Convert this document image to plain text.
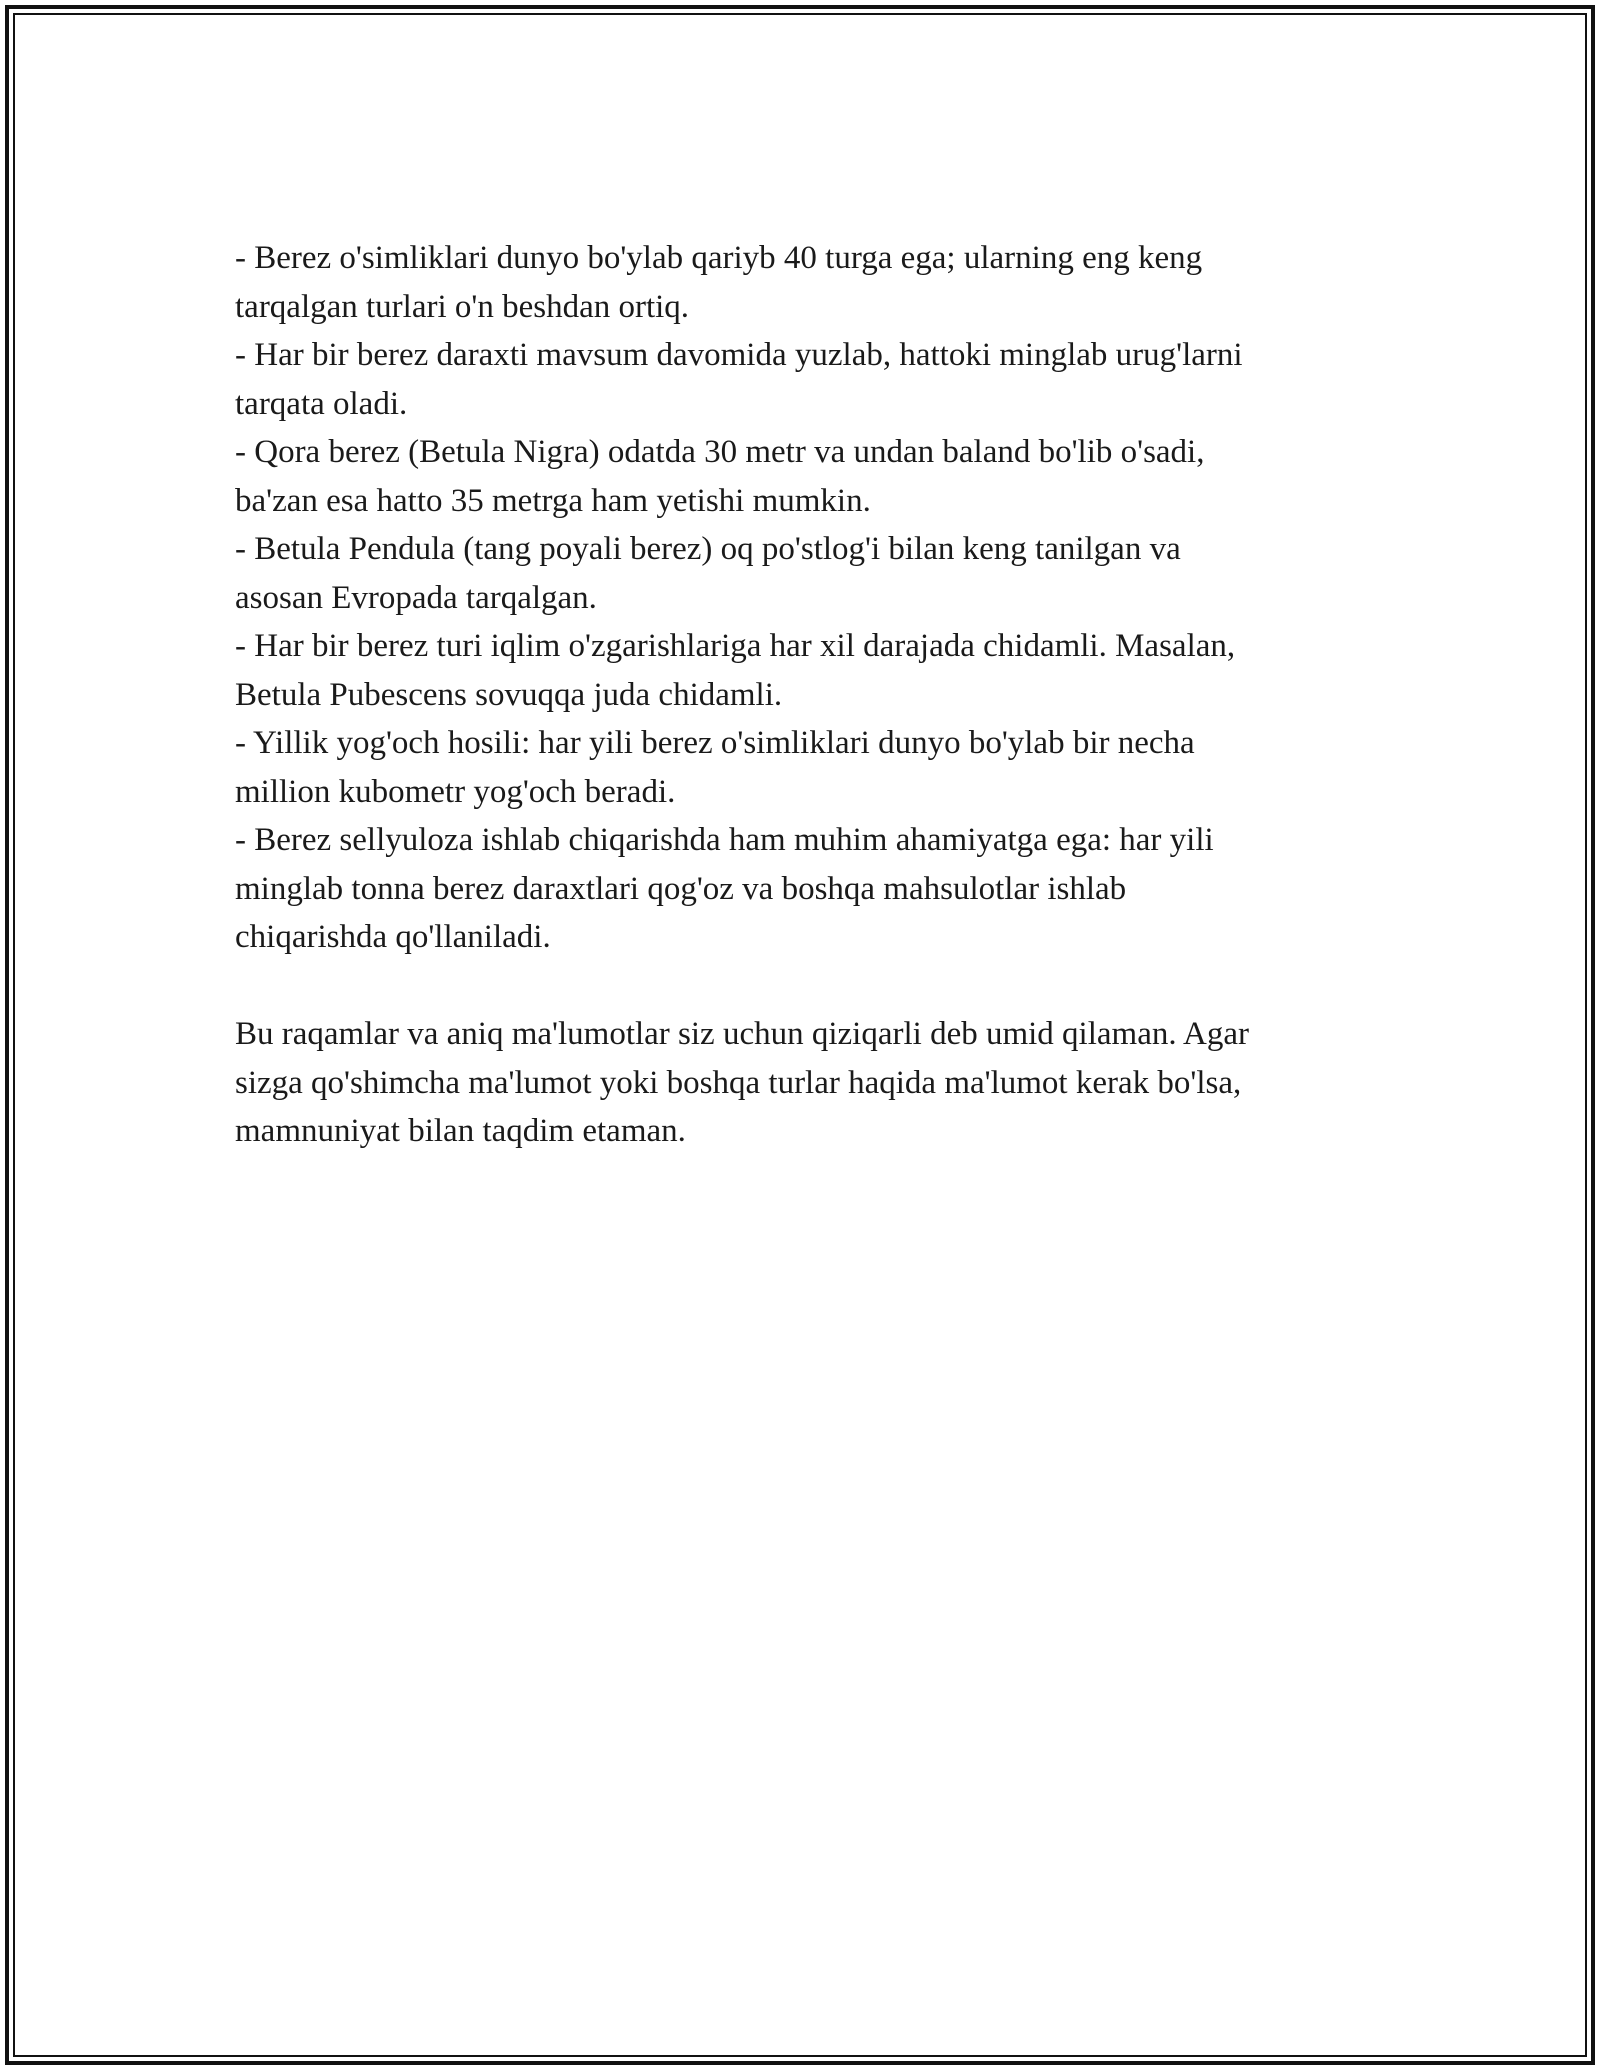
- Berez o'simliklari dunyo bo'ylab qariyb 40 turga ega; ularning eng keng
tarqalgan turlari o'n beshdan ortiq.
- Har bir berez daraxti mavsum davomida yuzlab, hattoki minglab urug'larni
tarqata oladi.
- Qora berez (Betula Nigra) odatda 30 metr va undan baland bo'lib o'sadi,
ba'zan esa hatto 35 metrga ham yetishi mumkin.
- Betula Pendula (tang poyali berez) oq po'stlog'i bilan keng tanilgan va
asosan Evropada tarqalgan.
- Har bir berez turi iqlim o'zgarishlariga har xil darajada chidamli. Masalan,
Betula Pubescens sovuqqa juda chidamli.
- Yillik yog'och hosili: har yili berez o'simliklari dunyo bo'ylab bir necha
million kubometr yog'och beradi.
- Berez sellyuloza ishlab chiqarishda ham muhim ahamiyatga ega: har yili
minglab tonna berez daraxtlari qog'oz va boshqa mahsulotlar ishlab
chiqarishda qo'llaniladi.
Bu raqamlar va aniq ma'lumotlar siz uchun qiziqarli deb umid qilaman. Agar
sizga qo'shimcha ma'lumot yoki boshqa turlar haqida ma'lumot kerak bo'lsa,
mamnuniyat bilan taqdim etaman.
